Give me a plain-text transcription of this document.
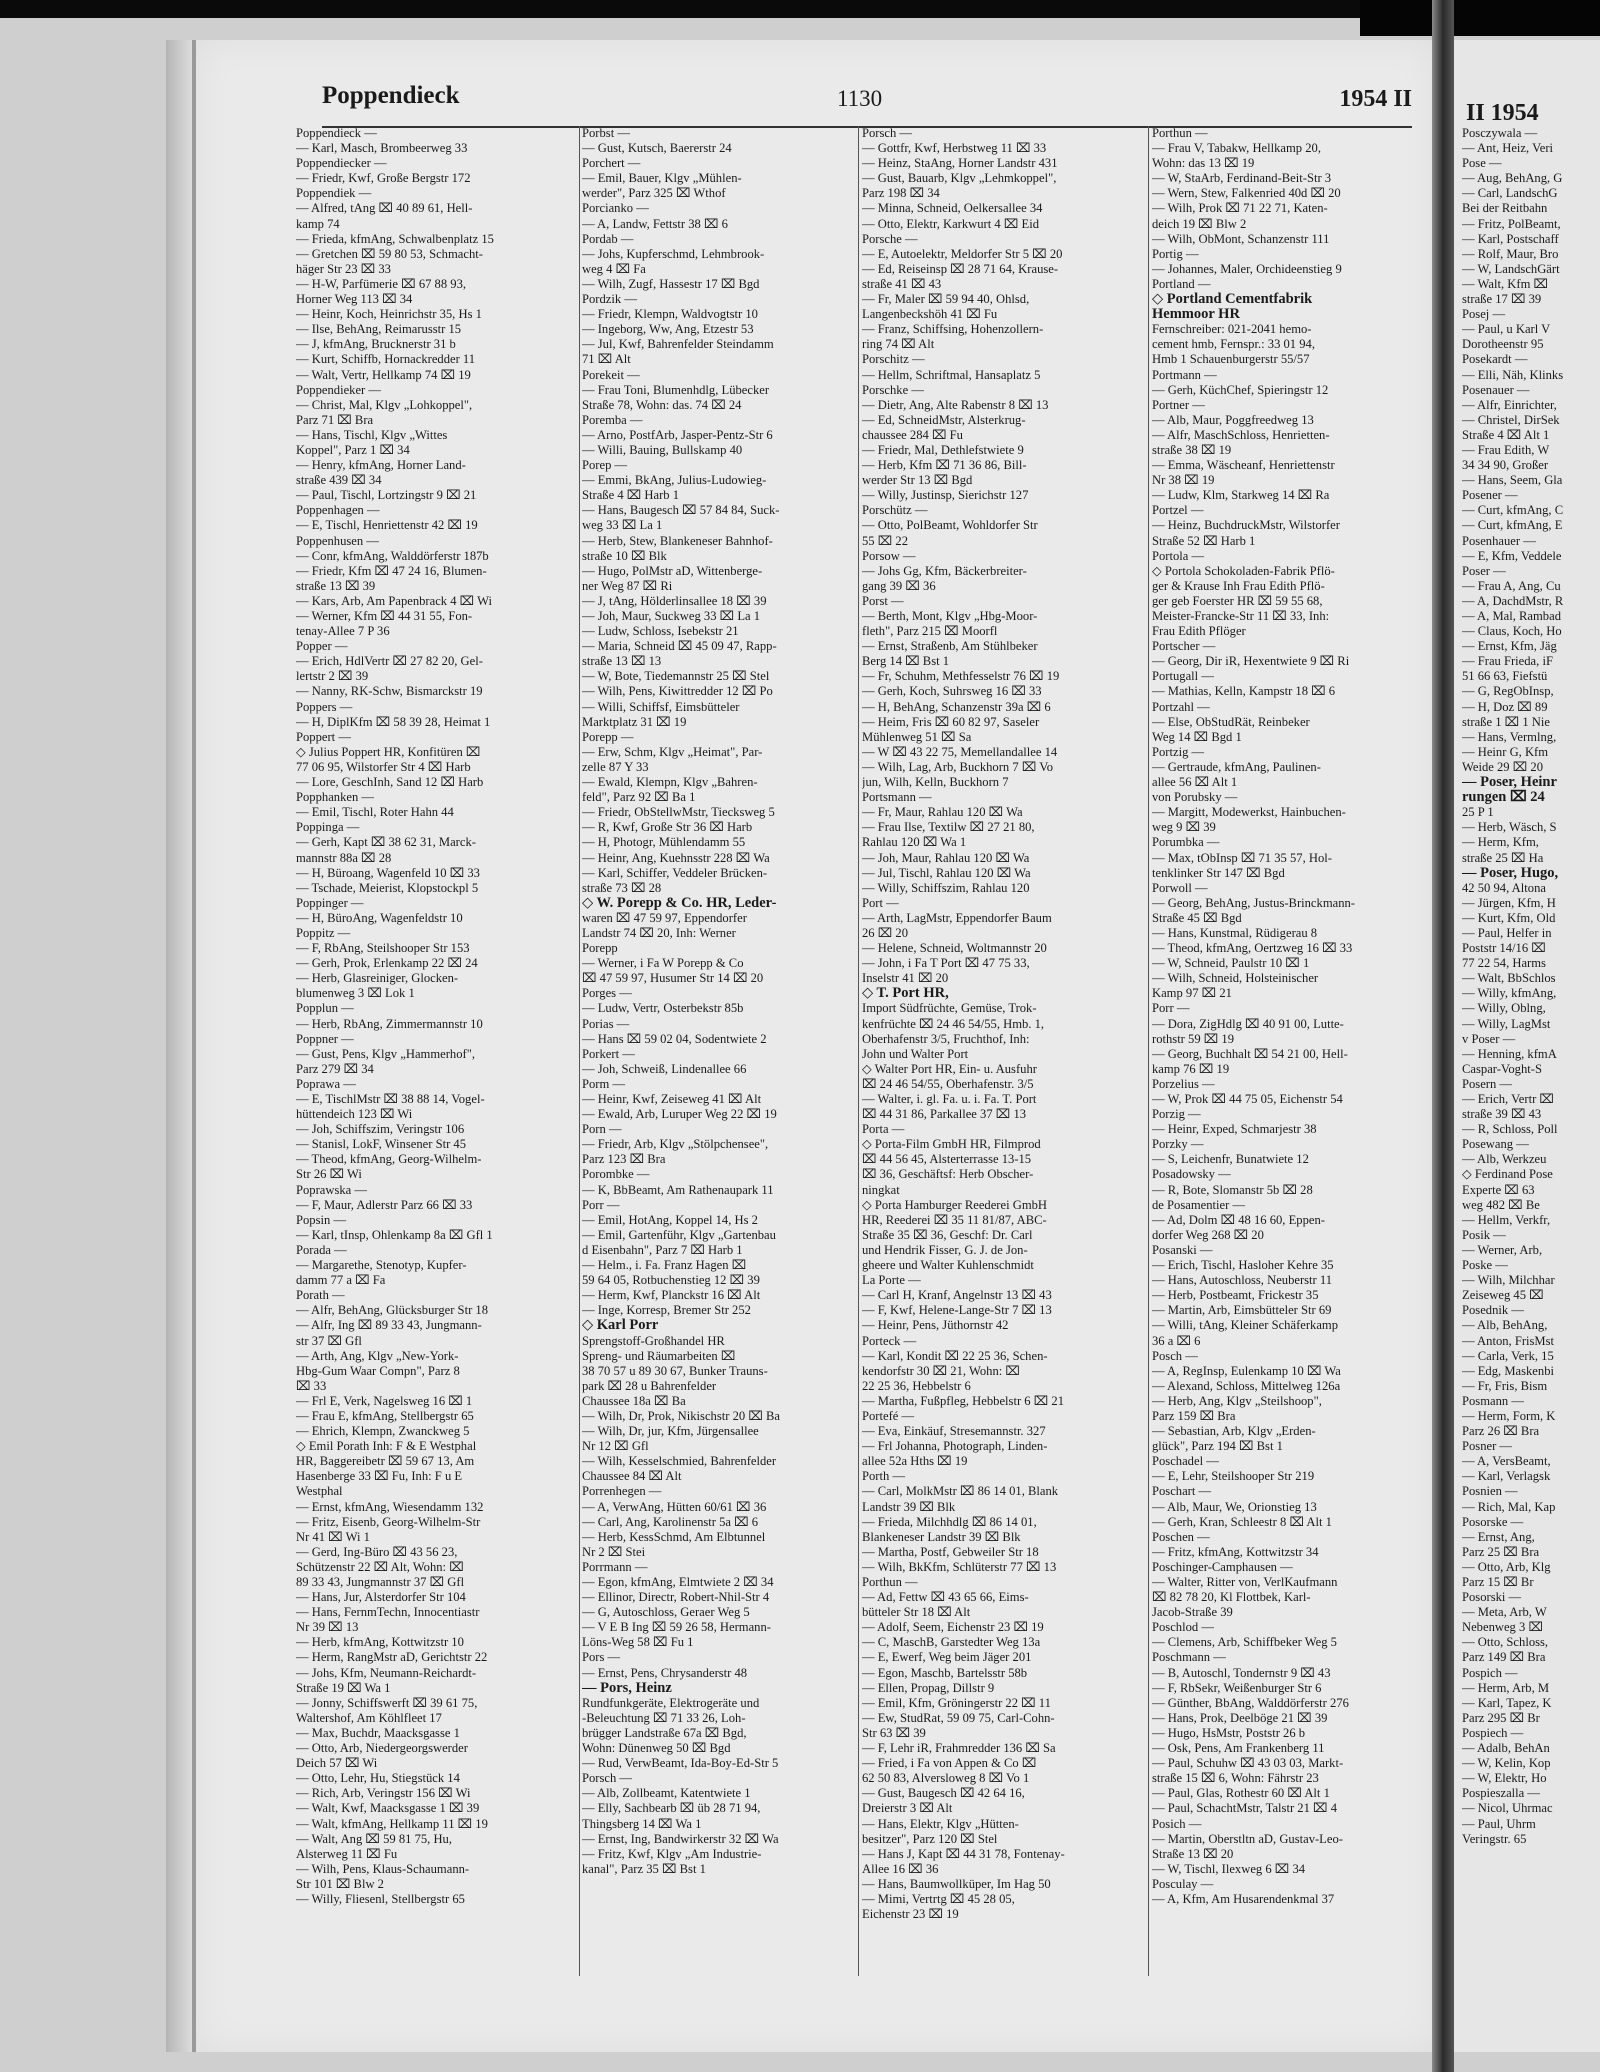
II 1954
Poppendieck	1130	1954 II
Poppendieck —
— Karl, Masch, Brombeerweg 33
Poppendiecker —
— Friedr, Kwf, Große Bergstr 172
Poppendiek —
— Alfred, tAng ⌧ 40 89 61, Hell-
kamp 74
— Frieda, kfmAng, Schwalbenplatz 15
— Gretchen ⌧ 59 80 53, Schmacht-
häger Str 23 ⌧ 33
— H-W, Parfümerie ⌧ 67 88 93,
Horner Weg 113 ⌧ 34
— Heinr, Koch, Heinrichstr 35, Hs 1
— Ilse, BehAng, Reimarusstr 15
— J, kfmAng, Brucknerstr 31 b
— Kurt, Schiffb, Hornackredder 11
— Walt, Vertr, Hellkamp 74 ⌧ 19
Poppendieker —
— Christ, Mal, Klgv „Lohkoppel",
Parz 71 ⌧ Bra
— Hans, Tischl, Klgv „Wittes
Koppel", Parz 1 ⌧ 34
— Henry, kfmAng, Horner Land-
straße 439 ⌧ 34
— Paul, Tischl, Lortzingstr 9 ⌧ 21
Poppenhagen —
— E, Tischl, Henriettenstr 42 ⌧ 19
Poppenhusen —
— Conr, kfmAng, Walddörferstr 187b
— Friedr, Kfm ⌧ 47 24 16, Blumen-
straße 13 ⌧ 39
— Kars, Arb, Am Papenbrack 4 ⌧ Wi
— Werner, Kfm ⌧ 44 31 55, Fon-
tenay-Allee 7 P 36
Popper —
— Erich, HdlVertr ⌧ 27 82 20, Gel-
lertstr 2 ⌧ 39
— Nanny, RK-Schw, Bismarckstr 19
Poppers —
— H, DiplKfm ⌧ 58 39 28, Heimat 1
Poppert —
◇ Julius Poppert HR, Konfitüren ⌧
77 06 95, Wilstorfer Str 4 ⌧ Harb
— Lore, GeschInh, Sand 12 ⌧ Harb
Popphanken —
— Emil, Tischl, Roter Hahn 44
Poppinga —
— Gerh, Kapt ⌧ 38 62 31, Marck-
mannstr 88a ⌧ 28
— H, Büroang, Wagenfeld 10 ⌧ 33
— Tschade, Meierist, Klopstockpl 5
Poppinger —
— H, BüroAng, Wagenfeldstr 10
Poppitz —
— F, RbAng, Steilshooper Str 153
— Gerh, Prok, Erlenkamp 22 ⌧ 24
— Herb, Glasreiniger, Glocken-
blumenweg 3 ⌧ Lok 1
Popplun —
— Herb, RbAng, Zimmermannstr 10
Poppner —
— Gust, Pens, Klgv „Hammerhof",
Parz 279 ⌧ 34
Poprawa —
— E, TischlMstr ⌧ 38 88 14, Vogel-
hüttendeich 123 ⌧ Wi
— Joh, Schiffszim, Veringstr 106
— Stanisl, LokF, Winsener Str 45
— Theod, kfmAng, Georg-Wilhelm-
Str 26 ⌧ Wi
Poprawska —
— F, Maur, Adlerstr Parz 66 ⌧ 33
Popsin —
— Karl, tInsp, Ohlenkamp 8a ⌧ Gfl 1
Porada —
— Margarethe, Stenotyp, Kupfer-
damm 77 a ⌧ Fa
Porath —
— Alfr, BehAng, Glücksburger Str 18
— Alfr, Ing ⌧ 89 33 43, Jungmann-
str 37 ⌧ Gfl
— Arth, Ang, Klgv „New-York-
Hbg-Gum Waar Compn", Parz 8
⌧ 33
— Frl E, Verk, Nagelsweg 16 ⌧ 1
— Frau E, kfmAng, Stellbergstr 65
— Ehrich, Klempn, Zwanckweg 5
◇ Emil Porath Inh: F & E Westphal
HR, Baggereibetr ⌧ 59 67 13, Am
Hasenberge 33 ⌧ Fu, Inh: F u E
Westphal
— Ernst, kfmAng, Wiesendamm 132
— Fritz, Eisenb, Georg-Wilhelm-Str
Nr 41 ⌧ Wi 1
— Gerd, Ing-Büro ⌧ 43 56 23,
Schützenstr 22 ⌧ Alt, Wohn: ⌧
89 33 43, Jungmannstr 37 ⌧ Gfl
— Hans, Jur, Alsterdorfer Str 104
— Hans, FernmTechn, Innocentiastr
Nr 39 ⌧ 13
— Herb, kfmAng, Kottwitzstr 10
— Herm, RangMstr aD, Gerichtstr 22
— Johs, Kfm, Neumann-Reichardt-
Straße 19 ⌧ Wa 1
— Jonny, Schiffswerft ⌧ 39 61 75,
Waltershof, Am Köhlfleet 17
— Max, Buchdr, Maacksgasse 1
— Otto, Arb, Niedergeorgswerder
Deich 57 ⌧ Wi
— Otto, Lehr, Hu, Stiegstück 14
— Rich, Arb, Veringstr 156 ⌧ Wi
— Walt, Kwf, Maacksgasse 1 ⌧ 39
— Walt, kfmAng, Hellkamp 11 ⌧ 19
— Walt, Ang ⌧ 59 81 75, Hu,
Alsterweg 11 ⌧ Fu
— Wilh, Pens, Klaus-Schaumann-
Str 101 ⌧ Blw 2
— Willy, Fliesenl, Stellbergstr 65
Porbst —
— Gust, Kutsch, Baererstr 24
Porchert —
— Emil, Bauer, Klgv „Mühlen-
werder", Parz 325 ⌧ Wthof
Porcianko —
— A, Landw, Fettstr 38 ⌧ 6
Pordab —
— Johs, Kupferschmd, Lehmbrook-
weg 4 ⌧ Fa
— Wilh, Zugf, Hassestr 17 ⌧ Bgd
Pordzik —
— Friedr, Klempn, Waldvogtstr 10
— Ingeborg, Ww, Ang, Etzestr 53
— Jul, Kwf, Bahrenfelder Steindamm
71 ⌧ Alt
Porekeit —
— Frau Toni, Blumenhdlg, Lübecker
Straße 78, Wohn: das. 74 ⌧ 24
Poremba —
— Arno, PostfArb, Jasper-Pentz-Str 6
— Willi, Bauing, Bullskamp 40
Porep —
— Emmi, BkAng, Julius-Ludowieg-
Straße 4 ⌧ Harb 1
— Hans, Baugesch ⌧ 57 84 84, Suck-
weg 33 ⌧ La 1
— Herb, Stew, Blankeneser Bahnhof-
straße 10 ⌧ Blk
— Hugo, PolMstr aD, Wittenberge-
ner Weg 87 ⌧ Ri
— J, tAng, Hölderlinsallee 18 ⌧ 39
— Joh, Maur, Suckweg 33 ⌧ La 1
— Ludw, Schloss, Isebekstr 21
— Maria, Schneid ⌧ 45 09 47, Rapp-
straße 13 ⌧ 13
— W, Bote, Tiedemannstr 25 ⌧ Stel
— Wilh, Pens, Kiwittredder 12 ⌧ Po
— Willi, Schiffsf, Eimsbütteler
Marktplatz 31 ⌧ 19
Porepp —
— Erw, Schm, Klgv „Heimat", Par-
zelle 87 Y 33
— Ewald, Klempn, Klgv „Bahren-
feld", Parz 92 ⌧ Ba 1
— Friedr, ObStellwMstr, Tiecksweg 5
— R, Kwf, Große Str 36 ⌧ Harb
— H, Photogr, Mühlendamm 55
— Heinr, Ang, Kuehnsstr 228 ⌧ Wa
— Karl, Schiffer, Veddeler Brücken-
straße 73 ⌧ 28
◇ W. Porepp & Co. HR, Leder-
waren ⌧ 47 59 97, Eppendorfer
Landstr 74 ⌧ 20, Inh: Werner
Porepp
— Werner, i Fa W Porepp & Co
⌧ 47 59 97, Husumer Str 14 ⌧ 20
Porges —
— Ludw, Vertr, Osterbekstr 85b
Porias —
— Hans ⌧ 59 02 04, Sodentwiete 2
Porkert —
— Joh, Schweiß, Lindenallee 66
Porm —
— Heinr, Kwf, Zeiseweg 41 ⌧ Alt
— Ewald, Arb, Luruper Weg 22 ⌧ 19
Porn —
— Friedr, Arb, Klgv „Stölpchensee",
Parz 123 ⌧ Bra
Porombke —
— K, BbBeamt, Am Rathenaupark 11
Porr —
— Emil, HotAng, Koppel 14, Hs 2
— Emil, Gartenführ, Klgv „Gartenbau
d Eisenbahn", Parz 7 ⌧ Harb 1
— Helm., i. Fa. Franz Hagen ⌧
59 64 05, Rotbuchenstieg 12 ⌧ 39
— Herm, Kwf, Planckstr 16 ⌧ Alt
— Inge, Korresp, Bremer Str 252
◇ Karl Porr
Sprengstoff-Großhandel HR
Spreng- und Räumarbeiten ⌧
38 70 57 u 89 30 67, Bunker Trauns-
park ⌧ 28 u Bahrenfelder
Chaussee 18a ⌧ Ba
— Wilh, Dr, Prok, Nikischstr 20 ⌧ Ba
— Wilh, Dr, jur, Kfm, Jürgensallee
Nr 12 ⌧ Gfl
— Wilh, Kesselschmied, Bahrenfelder
Chaussee 84 ⌧ Alt
Porrenhegen —
— A, VerwAng, Hütten 60/61 ⌧ 36
— Carl, Ang, Karolinenstr 5a ⌧ 6
— Herb, KessSchmd, Am Elbtunnel
Nr 2 ⌧ Stei
Porrmann —
— Egon, kfmAng, Elmtwiete 2 ⌧ 34
— Ellinor, Directr, Robert-Nhil-Str 4
— G, Autoschloss, Geraer Weg 5
— V E B Ing ⌧ 59 26 58, Hermann-
Löns-Weg 58 ⌧ Fu 1
Pors —
— Ernst, Pens, Chrysanderstr 48
— Pors, Heinz
Rundfunkgeräte, Elektrogeräte und
-Beleuchtung ⌧ 71 33 26, Loh-
brügger Landstraße 67a ⌧ Bgd,
Wohn: Dünenweg 50 ⌧ Bgd
— Rud, VerwBeamt, Ida-Boy-Ed-Str 5
Porsch —
— Alb, Zollbeamt, Katentwiete 1
— Elly, Sachbearb ⌧ üb 28 71 94,
Thingsberg 14 ⌧ Wa 1
— Ernst, Ing, Bandwirkerstr 32 ⌧ Wa
— Fritz, Kwf, Klgv „Am Industrie-
kanal", Parz 35 ⌧ Bst 1
Porsch —
— Gottfr, Kwf, Herbstweg 11 ⌧ 33
— Heinz, StaAng, Horner Landstr 431
— Gust, Bauarb, Klgv „Lehmkoppel",
Parz 198 ⌧ 34
— Minna, Schneid, Oelkersallee 34
— Otto, Elektr, Karkwurt 4 ⌧ Eid
Porsche —
— E, Autoelektr, Meldorfer Str 5 ⌧ 20
— Ed, Reiseinsp ⌧ 28 71 64, Krause-
straße 41 ⌧ 43
— Fr, Maler ⌧ 59 94 40, Ohlsd,
Langenbeckshöh 41 ⌧ Fu
— Franz, Schiffsing, Hohenzollern-
ring 74 ⌧ Alt
Porschitz —
— Hellm, Schriftmal, Hansaplatz 5
Porschke —
— Dietr, Ang, Alte Rabenstr 8 ⌧ 13
— Ed, SchneidMstr, Alsterkrug-
chaussee 284 ⌧ Fu
— Friedr, Mal, Dethlefstwiete 9
— Herb, Kfm ⌧ 71 36 86, Bill-
werder Str 13 ⌧ Bgd
— Willy, Justinsp, Sierichstr 127
Porschütz —
— Otto, PolBeamt, Wohldorfer Str
55 ⌧ 22
Porsow —
— Johs Gg, Kfm, Bäckerbreiter-
gang 39 ⌧ 36
Porst —
— Berth, Mont, Klgv „Hbg-Moor-
fleth", Parz 215 ⌧ Moorfl
— Ernst, Straßenb, Am Stühlbeker
Berg 14 ⌧ Bst 1
— Fr, Schuhm, Methfesselstr 76 ⌧ 19
— Gerh, Koch, Suhrsweg 16 ⌧ 33
— H, BehAng, Schanzenstr 39a ⌧ 6
— Heim, Fris ⌧ 60 82 97, Saseler
Mühlenweg 51 ⌧ Sa
— W ⌧ 43 22 75, Memellandallee 14
— Wilh, Lag, Arb, Buckhorn 7 ⌧ Vo
jun, Wilh, Kelln, Buckhorn 7
Portsmann —
— Fr, Maur, Rahlau 120 ⌧ Wa
— Frau Ilse, Textilw ⌧ 27 21 80,
Rahlau 120 ⌧ Wa 1
— Joh, Maur, Rahlau 120 ⌧ Wa
— Jul, Tischl, Rahlau 120 ⌧ Wa
— Willy, Schiffszim, Rahlau 120
Port —
— Arth, LagMstr, Eppendorfer Baum
26 ⌧ 20
— Helene, Schneid, Woltmannstr 20
— John, i Fa T Port ⌧ 47 75 33,
Inselstr 41 ⌧ 20
◇ T. Port HR,
Import Südfrüchte, Gemüse, Trok-
kenfrüchte ⌧ 24 46 54/55, Hmb. 1,
Oberhafenstr 3/5, Fruchthof, Inh:
John und Walter Port
◇ Walter Port HR, Ein- u. Ausfuhr
⌧ 24 46 54/55, Oberhafenstr. 3/5
— Walter, i. gl. Fa. u. i. Fa. T. Port
⌧ 44 31 86, Parkallee 37 ⌧ 13
Porta —
◇ Porta-Film GmbH HR, Filmprod
⌧ 44 56 45, Alsterterrasse 13-15
⌧ 36, Geschäftsf: Herb Obscher-
ningkat
◇ Porta Hamburger Reederei GmbH
HR, Reederei ⌧ 35 11 81/87, ABC-
Straße 35 ⌧ 36, Geschf: Dr. Carl
und Hendrik Fisser, G. J. de Jon-
gheere und Walter Kuhlenschmidt
La Porte —
— Carl H, Kranf, Angelnstr 13 ⌧ 43
— F, Kwf, Helene-Lange-Str 7 ⌧ 13
— Heinr, Pens, Jüthornstr 42
Porteck —
— Karl, Kondit ⌧ 22 25 36, Schen-
kendorfstr 30 ⌧ 21, Wohn: ⌧
22 25 36, Hebbelstr 6
— Martha, Fußpfleg, Hebbelstr 6 ⌧ 21
Portefé —
— Eva, Einkäuf, Stresemannstr. 327
— Frl Johanna, Photograph, Linden-
allee 52a Hths ⌧ 19
Porth —
— Carl, MolkMstr ⌧ 86 14 01, Blank
Landstr 39 ⌧ Blk
— Frieda, Milchhdlg ⌧ 86 14 01,
Blankeneser Landstr 39 ⌧ Blk
— Martha, Postf, Gebweiler Str 18
— Wilh, BkKfm, Schlüterstr 77 ⌧ 13
Porthun —
— Ad, Fettw ⌧ 43 65 66, Eims-
bütteler Str 18 ⌧ Alt
— Adolf, Seem, Eichenstr 23 ⌧ 19
— C, MaschB, Garstedter Weg 13a
— E, Ewerf, Weg beim Jäger 201
— Egon, Maschb, Bartelsstr 58b
— Ellen, Propag, Dillstr 9
— Emil, Kfm, Gröningerstr 22 ⌧ 11
— Ew, StudRat, 59 09 75, Carl-Cohn-
Str 63 ⌧ 39
— F, Lehr iR, Frahmredder 136 ⌧ Sa
— Fried, i Fa von Appen & Co ⌧
62 50 83, Alversloweg 8 ⌧ Vo 1
— Gust, Baugesch ⌧ 42 64 16,
Dreierstr 3 ⌧ Alt
— Hans, Elektr, Klgv „Hütten-
besitzer", Parz 120 ⌧ Stel
— Hans J, Kapt ⌧ 44 31 78, Fontenay-
Allee 16 ⌧ 36
— Hans, Baumwollküper, Im Hag 50
— Mimi, Vertrtg ⌧ 45 28 05,
Eichenstr 23 ⌧ 19
Porthun —
— Frau V, Tabakw, Hellkamp 20,
Wohn: das 13 ⌧ 19
— W, StaArb, Ferdinand-Beit-Str 3
— Wern, Stew, Falkenried 40d ⌧ 20
— Wilh, Prok ⌧ 71 22 71, Katen-
deich 19 ⌧ Blw 2
— Wilh, ObMont, Schanzenstr 111
Portig —
— Johannes, Maler, Orchideenstieg 9
Portland —
◇ Portland Cementfabrik
Hemmoor HR
Fernschreiber: 021-2041 hemo-
cement hmb, Fernspr.: 33 01 94,
Hmb 1 Schauenburgerstr 55/57
Portmann —
— Gerh, KüchChef, Spieringstr 12
Portner —
— Alb, Maur, Poggfreedweg 13
— Alfr, MaschSchloss, Henrietten-
straße 38 ⌧ 19
— Emma, Wäscheanf, Henriettenstr
Nr 38 ⌧ 19
— Ludw, Klm, Starkweg 14 ⌧ Ra
Portzel —
— Heinz, BuchdruckMstr, Wilstorfer
Straße 52 ⌧ Harb 1
Portola —
◇ Portola Schokoladen-Fabrik Pflö-
ger & Krause Inh Frau Edith Pflö-
ger geb Foerster HR ⌧ 59 55 68,
Meister-Francke-Str 11 ⌧ 33, Inh:
Frau Edith Pflöger
Portscher —
— Georg, Dir iR, Hexentwiete 9 ⌧ Ri
Portugall —
— Mathias, Kelln, Kampstr 18 ⌧ 6
Portzahl —
— Else, ObStudRät, Reinbeker
Weg 14 ⌧ Bgd 1
Portzig —
— Gertraude, kfmAng, Paulinen-
allee 56 ⌧ Alt 1
von Porubsky —
— Margitt, Modewerkst, Hainbuchen-
weg 9 ⌧ 39
Porumbka —
— Max, tObInsp ⌧ 71 35 57, Hol-
tenklinker Str 147 ⌧ Bgd
Porwoll —
— Georg, BehAng, Justus-Brinckmann-
Straße 45 ⌧ Bgd
— Hans, Kunstmal, Rüdigerau 8
— Theod, kfmAng, Oertzweg 16 ⌧ 33
— W, Schneid, Paulstr 10 ⌧ 1
— Wilh, Schneid, Holsteinischer
Kamp 97 ⌧ 21
Porr —
— Dora, ZigHdlg ⌧ 40 91 00, Lutte-
rothstr 59 ⌧ 19
— Georg, Buchhalt ⌧ 54 21 00, Hell-
kamp 76 ⌧ 19
Porzelius —
— W, Prok ⌧ 44 75 05, Eichenstr 54
Porzig —
— Heinr, Exped, Schmarjestr 38
Porzky —
— S, Leichenfr, Bunatwiete 12
Posadowsky —
— R, Bote, Slomanstr 5b ⌧ 28
de Posamentier —
— Ad, Dolm ⌧ 48 16 60, Eppen-
dorfer Weg 268 ⌧ 20
Posanski —
— Erich, Tischl, Hasloher Kehre 35
— Hans, Autoschloss, Neuberstr 11
— Herb, Postbeamt, Frickestr 35
— Martin, Arb, Eimsbütteler Str 69
— Willi, tAng, Kleiner Schäferkamp
36 a ⌧ 6
Posch —
— A, RegInsp, Eulenkamp 10 ⌧ Wa
— Alexand, Schloss, Mittelweg 126a
— Herb, Ang, Klgv „Steilshoop",
Parz 159 ⌧ Bra
— Sebastian, Arb, Klgv „Erden-
glück", Parz 194 ⌧ Bst 1
Poschadel —
— E, Lehr, Steilshooper Str 219
Poschart —
— Alb, Maur, We, Orionstieg 13
— Gerh, Kran, Schleestr 8 ⌧ Alt 1
Poschen —
— Fritz, kfmAng, Kottwitzstr 34
Poschinger-Camphausen —
— Walter, Ritter von, VerlKaufmann
⌧ 82 78 20, Kl Flottbek, Karl-
Jacob-Straße 39
Poschlod —
— Clemens, Arb, Schiffbeker Weg 5
Poschmann —
— B, Autoschl, Tondernstr 9 ⌧ 43
— F, RbSekr, Weißenburger Str 6
— Günther, BbAng, Walddörferstr 276
— Hans, Prok, Deelböge 21 ⌧ 39
— Hugo, HsMstr, Poststr 26 b
— Osk, Pens, Am Frankenberg 11
— Paul, Schuhw ⌧ 43 03 03, Markt-
straße 15 ⌧ 6, Wohn: Fährstr 23
— Paul, Glas, Rothestr 60 ⌧ Alt 1
— Paul, SchachtMstr, Talstr 21 ⌧ 4
Posich —
— Martin, Oberstltn aD, Gustav-Leo-
Straße 13 ⌧ 20
— W, Tischl, Ilexweg 6 ⌧ 34
Posculay —
— A, Kfm, Am Husarendenkmal 37
Posczywala —
— Ant, Heiz, Veri
Pose —
— Aug, BehAng, G
— Carl, LandschG
Bei der Reitbahn
— Fritz, PolBeamt,
— Karl, Postschaff
— Rolf, Maur, Bro
— W, LandschGärt
— Walt, Kfm ⌧
straße 17 ⌧ 39
Posej —
— Paul, u Karl V
Dorotheenstr 95
Posekardt —
— Elli, Näh, Klinks
Posenauer —
— Alfr, Einrichter,
— Christel, DirSek
Straße 4 ⌧ Alt 1
— Frau Edith, W
34 34 90, Großer
— Hans, Seem, Gla
Posener —
— Curt, kfmAng, C
— Curt, kfmAng, E
Posenhauer —
— E, Kfm, Veddele
Poser —
— Frau A, Ang, Cu
— A, DachdMstr, R
— A, Mal, Rambad
— Claus, Koch, Ho
— Ernst, Kfm, Jäg
— Frau Frieda, iF
51 66 63, Fiefstü
— G, RegObInsp,
— H, Doz ⌧ 89
straße 1 ⌧ 1 Nie
— Hans, Vermlng,
— Heinr G, Kfm
Weide 29 ⌧ 20
— Poser, Heinr
rungen ⌧ 24
25 P 1
— Herb, Wäsch, S
— Herm, Kfm,
straße 25 ⌧ Ha
— Poser, Hugo,
42 50 94, Altona
— Jürgen, Kfm, H
— Kurt, Kfm, Old
— Paul, Helfer in
Poststr 14/16 ⌧
77 22 54, Harms
— Walt, BbSchlos
— Willy, kfmAng,
— Willy, Oblng,
— Willy, LagMst
v Poser —
— Henning, kfmA
Caspar-Voght-S
Posern —
— Erich, Vertr ⌧
straße 39 ⌧ 43
— R, Schloss, Poll
Posewang —
— Alb, Werkzeu
◇ Ferdinand Pose
Experte ⌧ 63
weg 482 ⌧ Be
— Hellm, Verkfr,
Posik —
— Werner, Arb,
Poske —
— Wilh, Milchhar
Zeiseweg 45 ⌧
Posednik —
— Alb, BehAng,
— Anton, FrisMst
— Carla, Verk, 15
— Edg, Maskenbi
— Fr, Fris, Bism
Posmann —
— Herm, Form, K
Parz 26 ⌧ Bra
Posner —
— A, VersBeamt,
— Karl, Verlagsk
Posnien —
— Rich, Mal, Kap
Posorske —
— Ernst, Ang,
Parz 25 ⌧ Bra
— Otto, Arb, Klg
Parz 15 ⌧ Br
Posorski —
— Meta, Arb, W
Nebenweg 3 ⌧
— Otto, Schloss,
Parz 149 ⌧ Bra
Pospich —
— Herm, Arb, M
— Karl, Tapez, K
Parz 295 ⌧ Br
Pospiech —
— Adalb, BehAn
— W, Kelin, Kop
— W, Elektr, Ho
Pospieszalla —
— Nicol, Uhrmac
— Paul, Uhrm
Veringstr. 65
